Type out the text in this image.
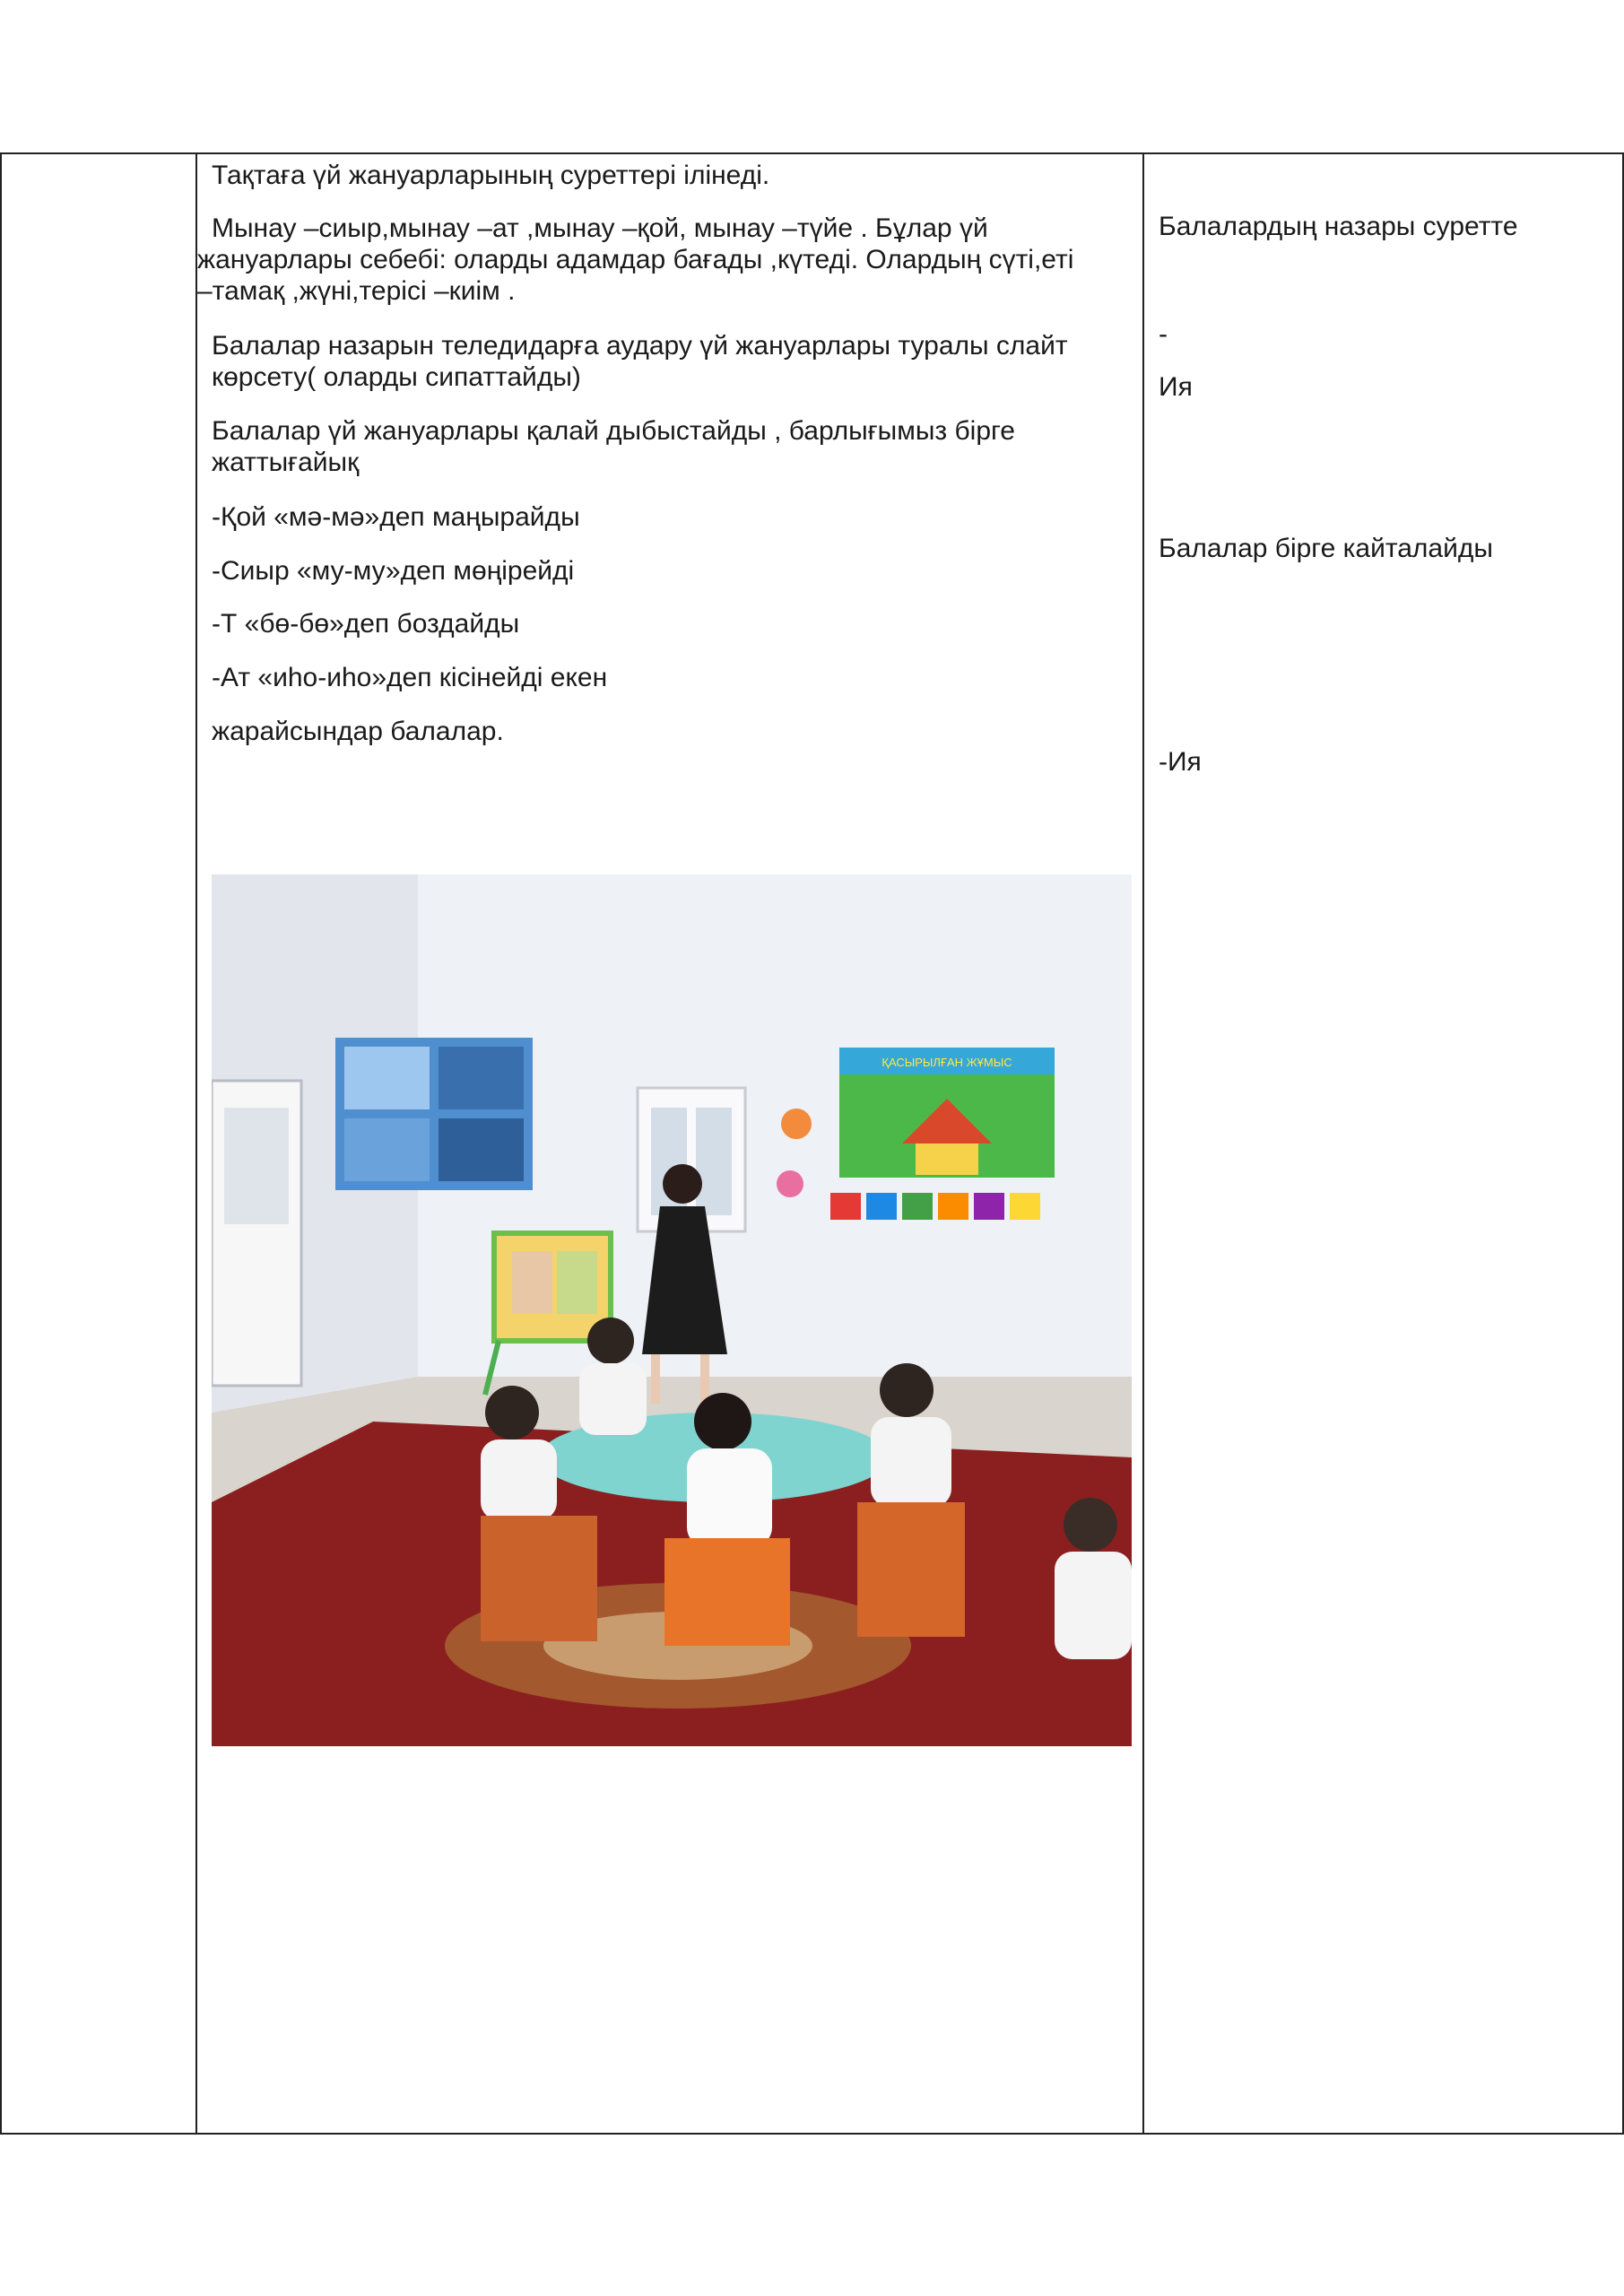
Тақтаға үй жануарларының суреттері ілінеді.

Мынау –сиыр,мынау –ат ,мынау –қой, мынау –түйе . Бұлар үй

жануарлары себебі: оларды адамдар бағады ,күтеді. Олардың сүті,еті

–тамақ ,жүні,терісі –киім .

Балалар назарын теледидарға аудару үй жануарлары туралы слайт

көрсету( оларды сипаттайды)

Балалар үй жануарлары қалай дыбыстайды , барлығымыз бірге

жаттығайық

-Қой «мә-мә»деп маңырайды

-Сиыр «му-му»деп мөңірейді

-Т «бө-бө»деп боздайды

-Ат «иһо-иһо»деп кісінейді екен

жарайсындар балалар.

Балалардың назары суретте

-

Ия

Балалар бірге кайталайды

-Ия

ҚАСЫРЫЛҒАН ЖҰМЫС
